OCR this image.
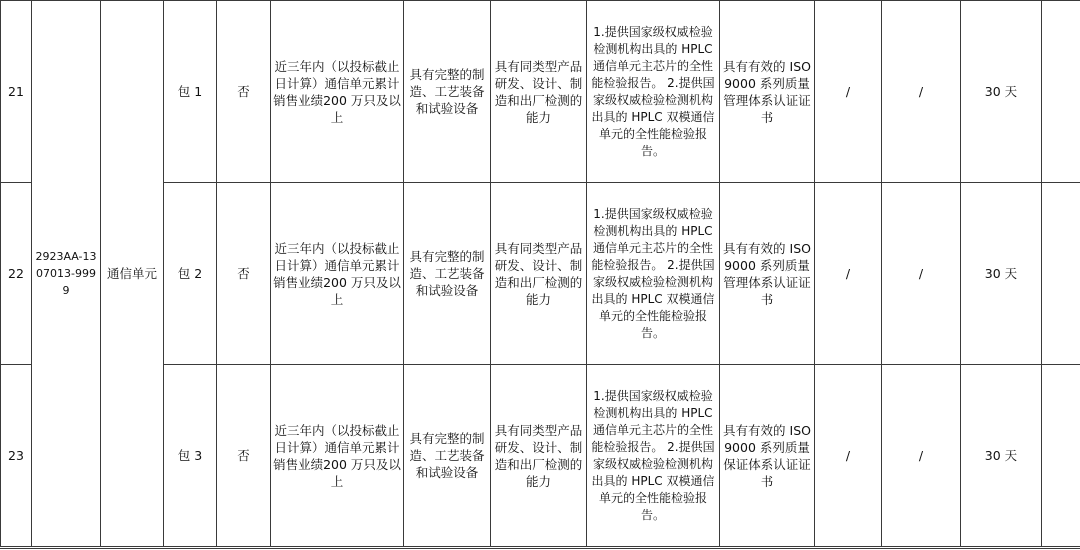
21	2923AA-1307013-9999	通信单元	包 1	否	近三年内（以投标截止日计算）通信单元累计销售业绩200 万只及以上	具有完整的制造、工艺装备和试验设备	具有同类型产品研发、设计、制造和出厂检测的能力	1.提供国家级权威检验检测机构出具的 HPLC 通信单元主芯片的全性能检验报告。 2.提供国家级权威检验检测机构出具的 HPLC 双模通信单元的全性能检验报告。	具有有效的 ISO9000 系列质量管理体系认证证书	/	/	30 天	
22			包 2	否	近三年内（以投标截止日计算）通信单元累计销售业绩200 万只及以上	具有完整的制造、工艺装备和试验设备	具有同类型产品研发、设计、制造和出厂检测的能力	1.提供国家级权威检验检测机构出具的 HPLC 通信单元主芯片的全性能检验报告。 2.提供国家级权威检验检测机构出具的 HPLC 双模通信单元的全性能检验报告。	具有有效的 ISO9000 系列质量管理体系认证证书	/	/	30 天	
23			包 3	否	近三年内（以投标截止日计算）通信单元累计销售业绩200 万只及以上	具有完整的制造、工艺装备和试验设备	具有同类型产品研发、设计、制造和出厂检测的能力	1.提供国家级权威检验检测机构出具的 HPLC 通信单元主芯片的全性能检验报告。 2.提供国家级权威检验检测机构出具的 HPLC 双模通信单元的全性能检验报告。	具有有效的 ISO9000 系列质量保证体系认证证书	/	/	30 天	
